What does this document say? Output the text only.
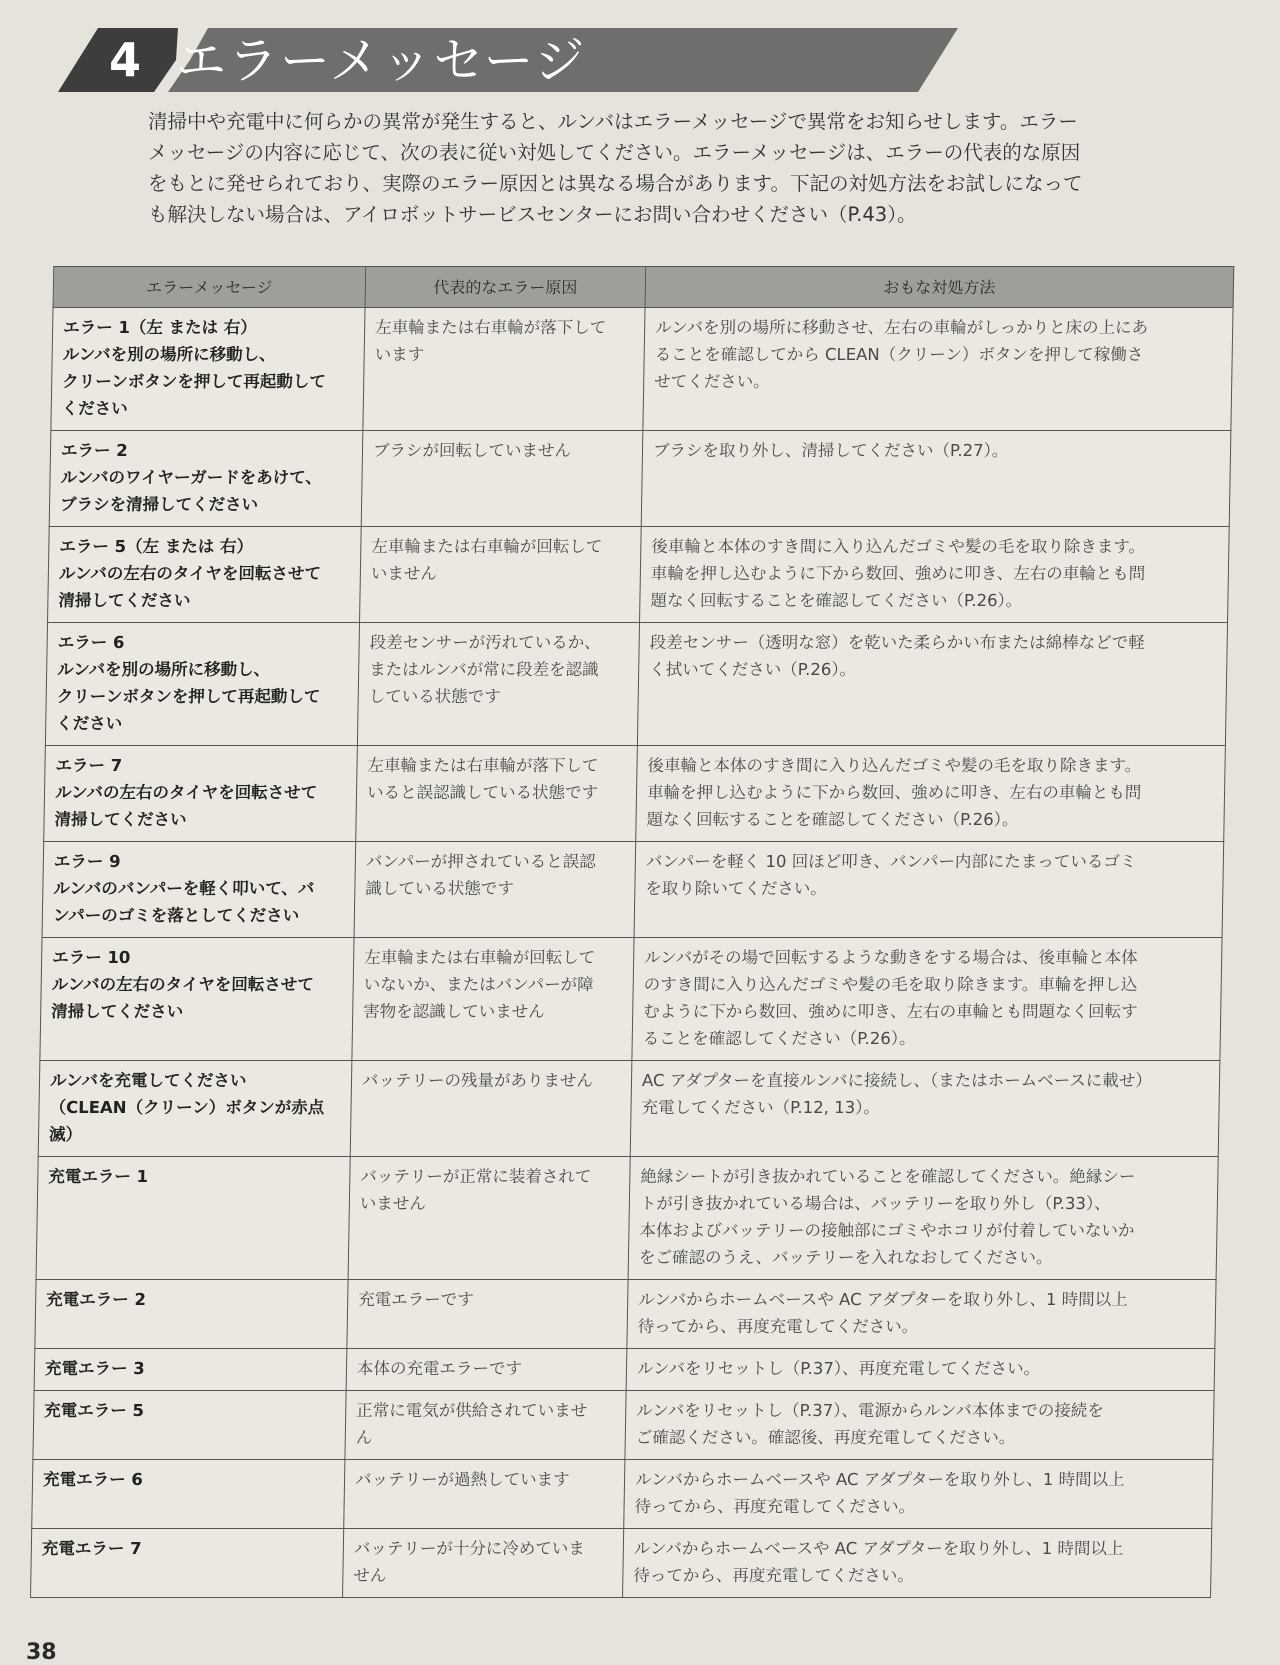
4 エラーメッセージ

清掃中や充電中に何らかの異常が発生すると、ルンバはエラーメッセージで異常をお知らせします。エラー
メッセージの内容に応じて、次の表に従い対処してください。エラーメッセージは、エラーの代表的な原因
をもとに発せられており、実際のエラー原因とは異なる場合があります。下記の対処方法をお試しになって
も解決しない場合は、アイロボットサービスセンターにお問い合わせください（P.43）。

エラーメッセージ	代表的なエラー原因	おもな対処方法

エラー 1（左 または 右）
ルンバを別の場所に移動し、
クリーンボタンを押して再起動して
ください	左車輪または右車輪が落下して
います	ルンバを別の場所に移動させ、左右の車輪がしっかりと床の上にあ
ることを確認してから CLEAN（クリーン）ボタンを押して稼働さ
せてください。

エラー 2
ルンバのワイヤーガードをあけて、
ブラシを清掃してください	ブラシが回転していません	ブラシを取り外し、清掃してください（P.27）。

エラー 5（左 または 右）
ルンバの左右のタイヤを回転させて
清掃してください	左車輪または右車輪が回転して
いません	後車輪と本体のすき間に入り込んだゴミや髪の毛を取り除きます。
車輪を押し込むように下から数回、強めに叩き、左右の車輪とも問
題なく回転することを確認してください（P.26）。

エラー 6
ルンバを別の場所に移動し、
クリーンボタンを押して再起動して
ください	段差センサーが汚れているか、
またはルンバが常に段差を認識
している状態です	段差センサー（透明な窓）を乾いた柔らかい布または綿棒などで軽
く拭いてください（P.26）。

エラー 7
ルンバの左右のタイヤを回転させて
清掃してください	左車輪または右車輪が落下して
いると誤認識している状態です	後車輪と本体のすき間に入り込んだゴミや髪の毛を取り除きます。
車輪を押し込むように下から数回、強めに叩き、左右の車輪とも問
題なく回転することを確認してください（P.26）。

エラー 9
ルンバのバンパーを軽く叩いて、バ
ンパーのゴミを落としてください	バンパーが押されていると誤認
識している状態です	バンパーを軽く 10 回ほど叩き、バンパー内部にたまっているゴミ
を取り除いてください。

エラー 10
ルンバの左右のタイヤを回転させて
清掃してください	左車輪または右車輪が回転して
いないか、またはバンパーが障
害物を認識していません	ルンバがその場で回転するような動きをする場合は、後車輪と本体
のすき間に入り込んだゴミや髪の毛を取り除きます。車輪を押し込
むように下から数回、強めに叩き、左右の車輪とも問題なく回転す
ることを確認してください（P.26）。

ルンバを充電してください
（CLEAN（クリーン）ボタンが赤点滅）	バッテリーの残量がありません	AC アダプターを直接ルンバに接続し、（またはホームベースに載せ）
充電してください（P.12, 13）。

充電エラー 1	バッテリーが正常に装着されて
いません	絶縁シートが引き抜かれていることを確認してください。絶縁シー
トが引き抜かれている場合は、バッテリーを取り外し（P.33）、
本体およびバッテリーの接触部にゴミやホコリが付着していないか
をご確認のうえ、バッテリーを入れなおしてください。

充電エラー 2	充電エラーです	ルンバからホームベースや AC アダプターを取り外し、1 時間以上
待ってから、再度充電してください。

充電エラー 3	本体の充電エラーです	ルンバをリセットし（P.37）、再度充電してください。

充電エラー 5	正常に電気が供給されていませ
ん	ルンバをリセットし（P.37）、電源からルンバ本体までの接続を
ご確認ください。確認後、再度充電してください。

充電エラー 6	バッテリーが過熱しています	ルンバからホームベースや AC アダプターを取り外し、1 時間以上
待ってから、再度充電してください。

充電エラー 7	バッテリーが十分に冷めていま
せん	ルンバからホームベースや AC アダプターを取り外し、1 時間以上
待ってから、再度充電してください。
38
